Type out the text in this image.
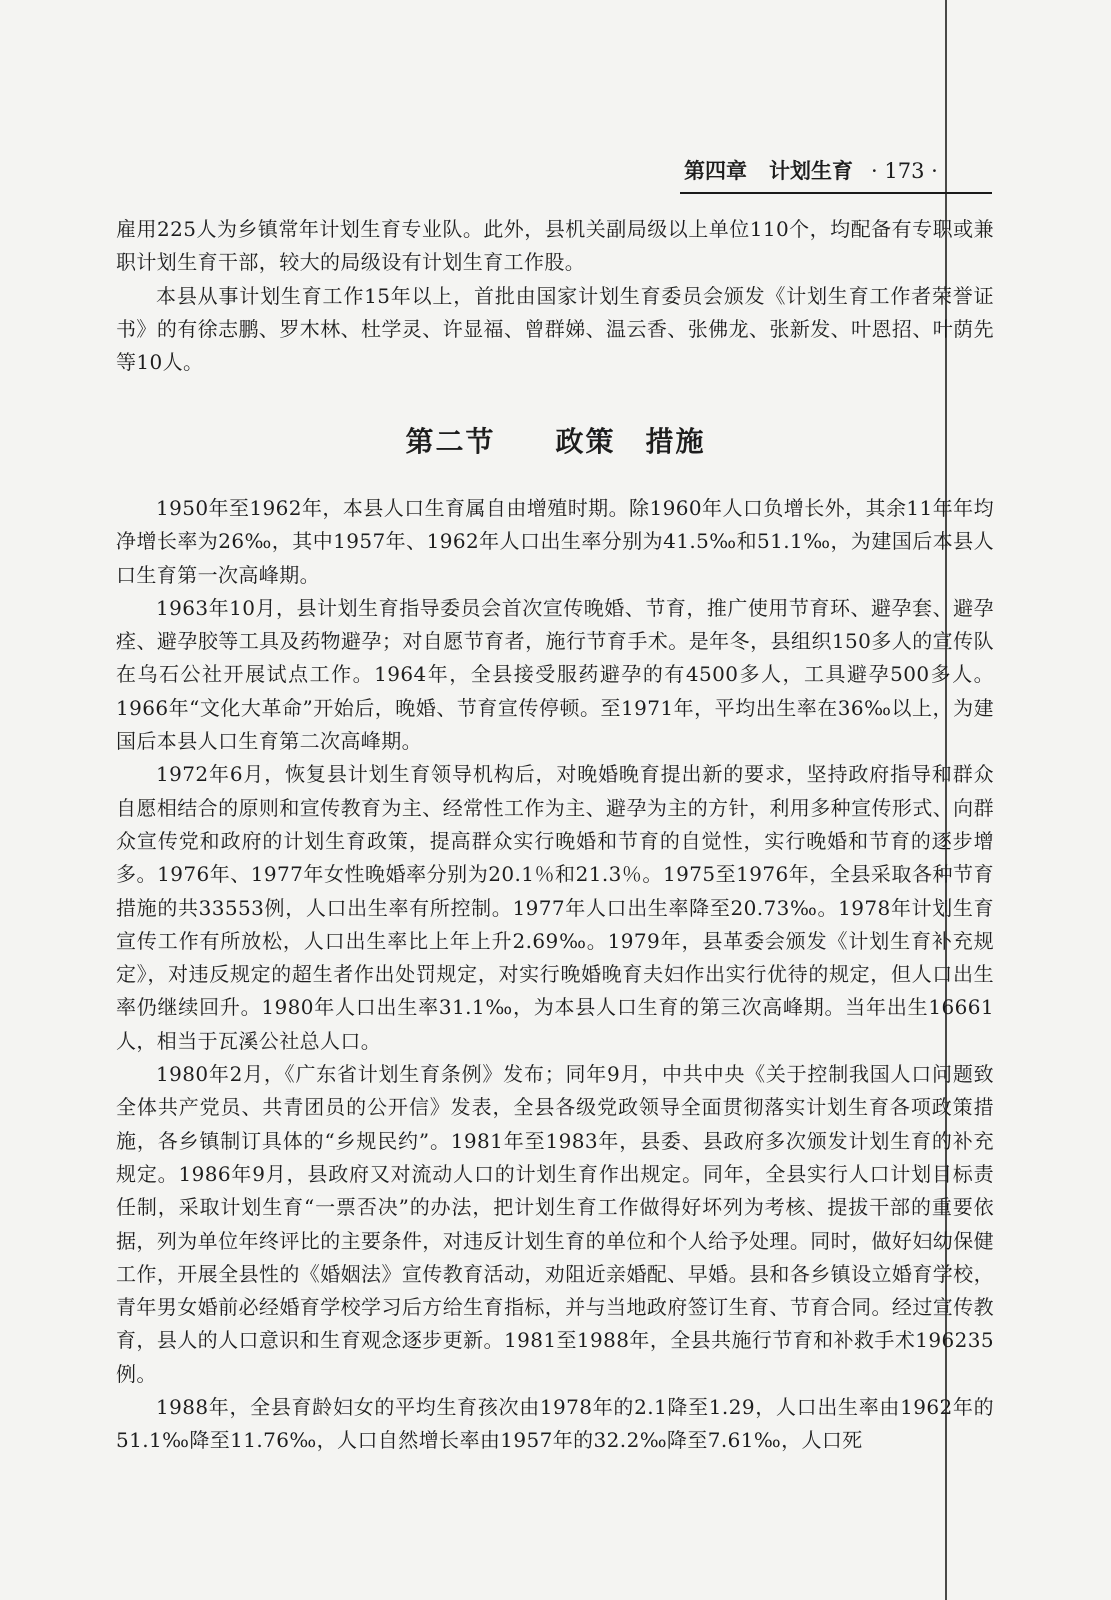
第四章 计划生育 · 173 ·

雇用225人为乡镇常年计划生育专业队。此外，县机关副局级以上单位110个，均配备有专职或兼职计划生育干部，较大的局级设有计划生育工作股。

本县从事计划生育工作15年以上，首批由国家计划生育委员会颁发《计划生育工作者荣誉证书》的有徐志鹏、罗木林、杜学灵、许显福、曾群娣、温云香、张佛龙、张新发、叶恩招、叶荫先等10人。

第二节　　政策　措施

1950年至1962年，本县人口生育属自由增殖时期。除1960年人口负增长外，其余11年年均净增长率为26‰，其中1957年、1962年人口出生率分别为41.5‰和51.1‰，为建国后本县人口生育第一次高峰期。

1963年10月，县计划生育指导委员会首次宣传晚婚、节育，推广使用节育环、避孕套、避孕痊、避孕胶等工具及药物避孕；对自愿节育者，施行节育手术。是年冬，县组织150多人的宣传队在乌石公社开展试点工作。1964年，全县接受服药避孕的有4500多人，工具避孕500多人。1966年“文化大革命”开始后，晚婚、节育宣传停顿。至1971年，平均出生率在36‰以上，为建国后本县人口生育第二次高峰期。

1972年6月，恢复县计划生育领导机构后，对晚婚晚育提出新的要求，坚持政府指导和群众自愿相结合的原则和宣传教育为主、经常性工作为主、避孕为主的方针，利用多种宣传形式、向群众宣传党和政府的计划生育政策，提高群众实行晚婚和节育的自觉性，实行晚婚和节育的逐步增多。1976年、1977年女性晚婚率分别为20.1％和21.3％。1975至1976年，全县采取各种节育措施的共33553例，人口出生率有所控制。1977年人口出生率降至20.73‰。1978年计划生育宣传工作有所放松，人口出生率比上年上升2.69‰。1979年，县革委会颁发《计划生育补充规定》，对违反规定的超生者作出处罚规定，对实行晚婚晚育夫妇作出实行优待的规定，但人口出生率仍继续回升。1980年人口出生率31.1‰，为本县人口生育的第三次高峰期。当年出生16661人，相当于瓦溪公社总人口。

1980年2月，《广东省计划生育条例》发布；同年9月，中共中央《关于控制我国人口问题致全体共产党员、共青团员的公开信》发表，全县各级党政领导全面贯彻落实计划生育各项政策措施，各乡镇制订具体的“乡规民约”。1981年至1983年，县委、县政府多次颁发计划生育的补充规定。1986年9月，县政府又对流动人口的计划生育作出规定。同年，全县实行人口计划目标责任制，采取计划生育“一票否决”的办法，把计划生育工作做得好坏列为考核、提拔干部的重要依据，列为单位年终评比的主要条件，对违反计划生育的单位和个人给予处理。同时，做好妇幼保健工作，开展全县性的《婚姻法》宣传教育活动，劝阻近亲婚配、早婚。县和各乡镇设立婚育学校，青年男女婚前必经婚育学校学习后方给生育指标，并与当地政府签订生育、节育合同。经过宣传教育，县人的人口意识和生育观念逐步更新。1981至1988年，全县共施行节育和补救手术196235例。

1988年，全县育龄妇女的平均生育孩次由1978年的2.1降至1.29，人口出生率由1962年的51.1‰降至11.76‰，人口自然增长率由1957年的32.2‰降至7.61‰，人口死
